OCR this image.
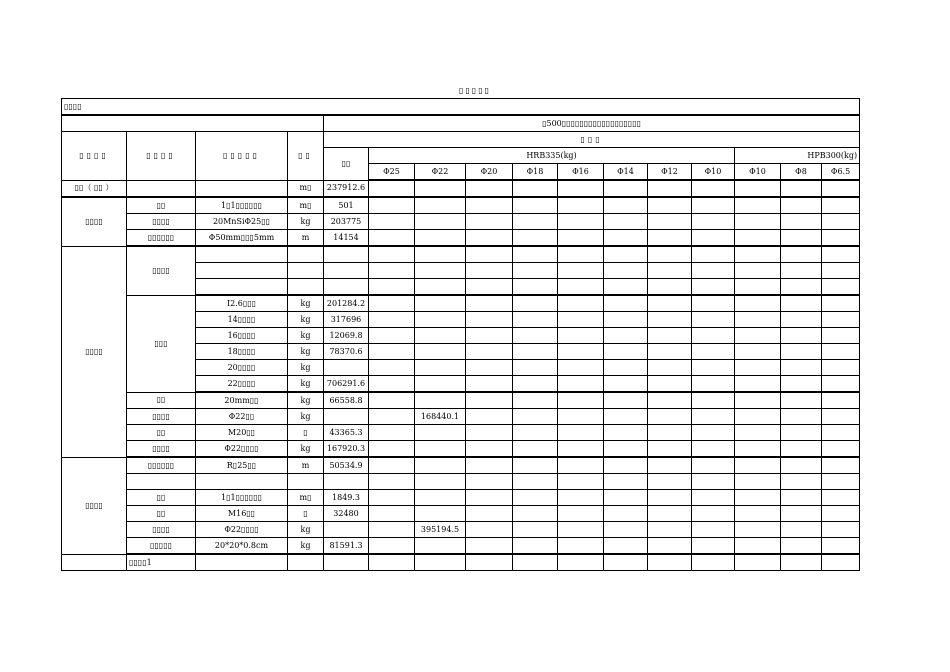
▯▯▯▯▯
▯▯▯▯															
				▯500▯▯▯▯▯▯▯▯▯▯▯▯▯▯▯▯▯▯											
▯▯▯▯	▯▯▯▯	▯▯▯▯▯	▯▯	▯▯▯											
				▯▯	HRB335(kg)								HPB300(kg)		
					Φ25	Φ22	Φ20	Φ18	Φ16	Φ14	Φ12	Φ10	Φ10	Φ8	Φ6.5
▯▯（ ▯▯ ）			m▯	237912.6											
▯▯▯▯	▯▯	1▯1▯▯▯▯▯▯	m▯	501											
	▯▯▯▯	20MnSiΦ25▯▯	kg	203775											
	▯▯▯▯▯▯	Φ50mm▯▯▯5mm	m	14154											
▯▯▯▯	▯▯▯▯														

	▯▯▯	I2.6▯▯▯	kg	201284.2											
		14▯▯▯▯	kg	317696											
		16▯▯▯▯	kg	12069.8											
		18▯▯▯▯	kg	78370.6											
		20▯▯▯▯	kg												
		22▯▯▯▯	kg	706291.6											
	▯▯	20mm▯▯	kg	66558.8											
	▯▯▯▯	Φ22▯▯	kg			168440.1									
	▯▯	M20▯▯	▯	43365.3											
	▯▯▯▯	Φ22▯▯▯▯	kg	167920.3											
▯▯▯▯	▯▯▯▯▯▯	R▯25▯▯	m	50534.9											

	▯▯	1▯1▯▯▯▯▯▯	m▯	1849.3											
	▯▯	M16▯▯	▯	32480											
	▯▯▯▯	Φ22▯▯▯▯	kg			395194.5									
	▯▯▯▯▯	20*20*0.8cm	kg	81591.3											
	▯▯▯▯1														
